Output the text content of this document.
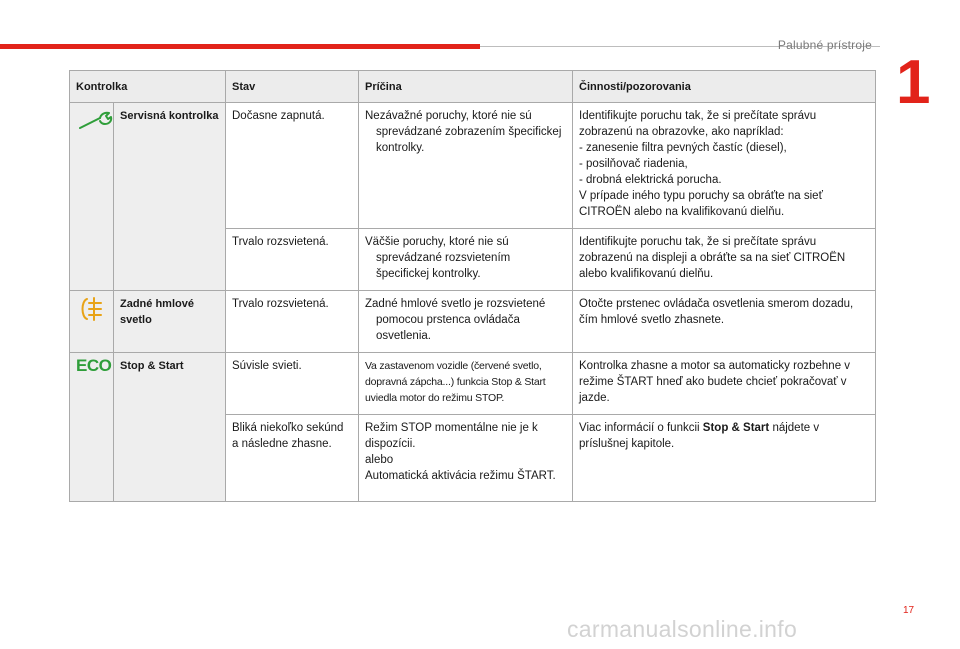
Palubné prístroje
1
Kontrolka		Stav	Príčina	Činnosti/pozorovania
	Servisná kontrolka	Dočasne zapnutá.	Nezávažné poruchy, ktoré nie sú sprevádzané zobrazením špecifickej kontrolky.	Identifikujte poruchu tak, že si prečítate správu zobrazenú na obrazovke, ako napríklad:
- zanesenie filtra pevných častíc (diesel),
- posilňovač riadenia,
- drobná elektrická porucha.
V prípade iného typu poruchy sa obráťte na sieť CITROËN alebo na kvalifikovanú dielňu.

		Trvalo rozsvietená.	Väčšie poruchy, ktoré nie sú sprevádzané rozsvietením špecifickej kontrolky.	Identifikujte poruchu tak, že si prečítate správu zobrazenú na displeji a obráťte sa na sieť CITROËN alebo kvalifikovanú dielňu.
	Zadné hmlové svetlo	Trvalo rozsvietená.	Zadné hmlové svetlo je rozsvietené pomocou prstenca ovládača osvetlenia.	Otočte prstenec ovládača osvetlenia smerom dozadu, čím hmlové svetlo zhasnete.
ECO	Stop & Start	Súvisle svieti.	Va zastavenom vozidle (červené svetlo, dopravná zápcha...) funkcia Stop & Start uviedla motor do režimu STOP.	Kontrolka zhasne a motor sa automaticky rozbehne v režime ŠTART hneď ako budete chcieť pokračovať v jazde.
		Bliká niekoľko sekúnd a následne zhasne.	Režim STOP momentálne nie je k dispozícii.
alebo
Automatická aktivácia režimu ŠTART.	Viac informácií o funkcii Stop & Start nájdete v príslušnej kapitole.
17
carmanualsonline.info
